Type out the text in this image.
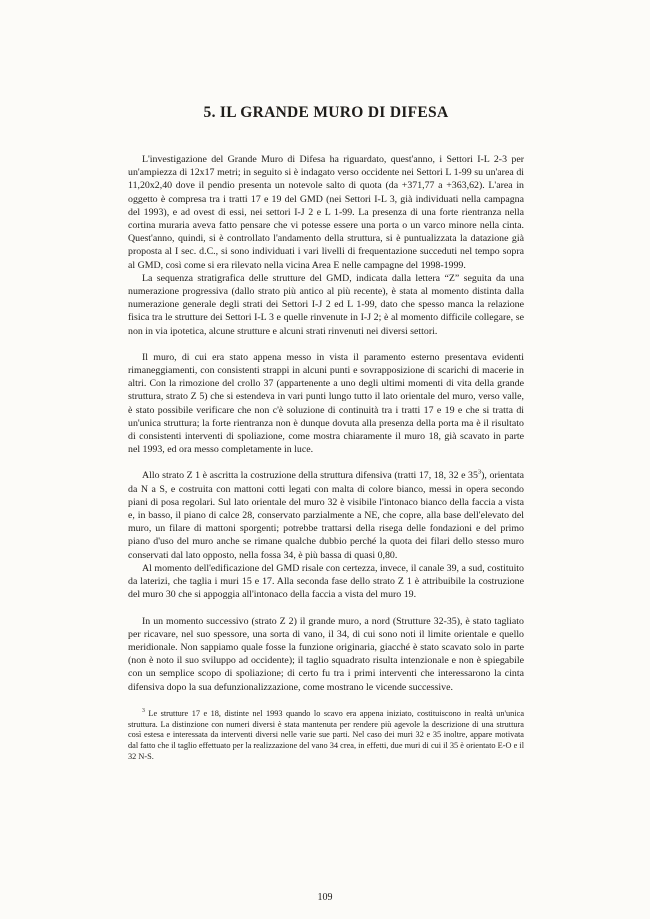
5. IL GRANDE MURO DI DIFESA

L'investigazione del Grande Muro di Difesa ha riguardato, quest'anno, i Settori I-L 2-3 per un'ampiezza di 12x17 metri; in seguito si è indagato verso occidente nei Settori L 1-99 su un'area di 11,20x2,40 dove il pendio presenta un notevole salto di quota (da +371,77 a +363,62). L'area in oggetto è compresa tra i tratti 17 e 19 del GMD (nei Settori I-L 3, già individuati nella campagna del 1993), e ad ovest di essi, nei settori I-J 2 e L 1-99. La presenza di una forte rientranza nella cortina muraria aveva fatto pensare che vi potesse essere una porta o un varco minore nella cinta. Quest'anno, quindi, si è controllato l'andamento della struttura, si è puntualizzata la datazione già proposta al I sec. d.C., si sono individuati i vari livelli di frequentazione succeduti nel tempo sopra al GMD, così come si era rilevato nella vicina Area E nelle campagne del 1998-1999.

La sequenza stratigrafica delle strutture del GMD, indicata dalla lettera “Z” seguita da una numerazione progressiva (dallo strato più antico al più recente), è stata al momento distinta dalla numerazione generale degli strati dei Settori I-J 2 ed L 1-99, dato che spesso manca la relazione fisica tra le strutture dei Settori I-L 3 e quelle rinvenute in I-J 2; è al momento difficile collegare, se non in via ipotetica, alcune strutture e alcuni strati rinvenuti nei diversi settori.

Il muro, di cui era stato appena messo in vista il paramento esterno presentava evidenti rimaneggiamenti, con consistenti strappi in alcuni punti e sovrapposizione di scarichi di macerie in altri. Con la rimozione del crollo 37 (appartenente a uno degli ultimi momenti di vita della grande struttura, strato Z 5) che si estendeva in vari punti lungo tutto il lato orientale del muro, verso valle, è stato possibile verificare che non c'è soluzione di continuità tra i tratti 17 e 19 e che si tratta di un'unica struttura; la forte rientranza non è dunque dovuta alla presenza della porta ma è il risultato di consistenti interventi di spoliazione, come mostra chiaramente il muro 18, già scavato in parte nel 1993, ed ora messo completamente in luce.

Allo strato Z 1 è ascritta la costruzione della struttura difensiva (tratti 17, 18, 32 e 35$^3$), orientata da N a S, e costruita con mattoni cotti legati con malta di colore bianco, messi in opera secondo piani di posa regolari. Sul lato orientale del muro 32 è visibile l'intonaco bianco della faccia a vista e, in basso, il piano di calce 28, conservato parzialmente a NE, che copre, alla base dell'elevato del muro, un filare di mattoni sporgenti; potrebbe trattarsi della risega delle fondazioni e del primo piano d'uso del muro anche se rimane qualche dubbio perché la quota dei filari dello stesso muro conservati dal lato opposto, nella fossa 34, è più bassa di quasi 0,80.

Al momento dell'edificazione del GMD risale con certezza, invece, il canale 39, a sud, costituito da laterizi, che taglia i muri 15 e 17. Alla seconda fase dello strato Z 1 è attribuibile la costruzione del muro 30 che si appoggia all'intonaco della faccia a vista del muro 19.

In un momento successivo (strato Z 2) il grande muro, a nord (Strutture 32-35), è stato tagliato per ricavare, nel suo spessore, una sorta di vano, il 34, di cui sono noti il limite orientale e quello meridionale. Non sappiamo quale fosse la funzione originaria, giacché è stato scavato solo in parte (non è noto il suo sviluppo ad occidente); il taglio squadrato risulta intenzionale e non è spiegabile con un semplice scopo di spoliazione; di certo fu tra i primi interventi che interessarono la cinta difensiva dopo la sua defunzionalizzazione, come mostrano le vicende successive.

$^3$ Le strutture 17 e 18, distinte nel 1993 quando lo scavo era appena iniziato, costituiscono in realtà un'unica struttura. La distinzione con numeri diversi è stata mantenuta per rendere più agevole la descrizione di una struttura così estesa e interessata da interventi diversi nelle varie sue parti. Nel caso dei muri 32 e 35 inoltre, appare motivata dal fatto che il taglio effettuato per la realizzazione del vano 34 crea, in effetti, due muri di cui il 35 è orientato E-O e il 32 N-S.
109
